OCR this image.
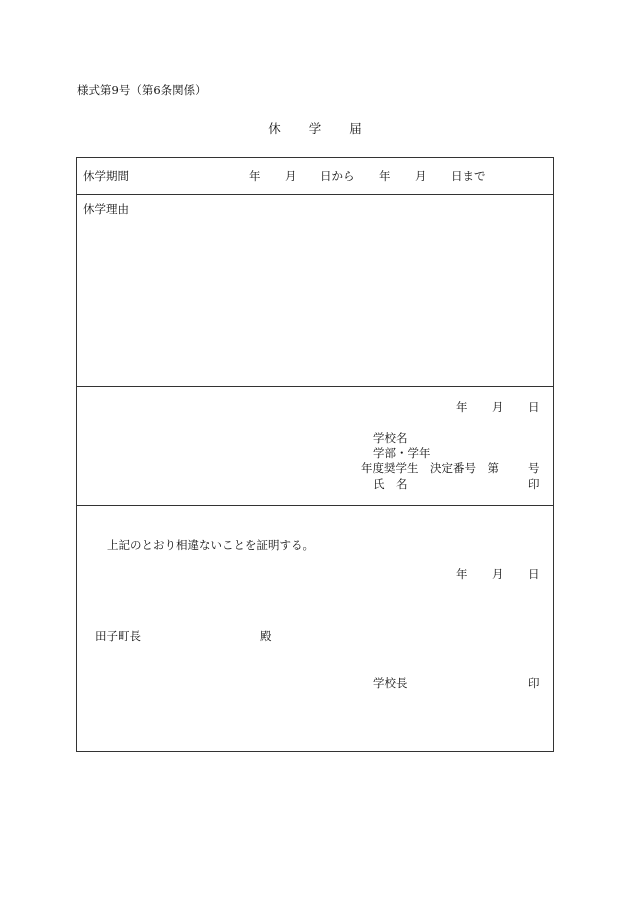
様式第9号（第6条関係）
休 学 届
休学期間	年 月 日から 年 月 日まで
休学理由
年 月 日
学校名
学部・学年
年度奨学生　決定番号　第	号
氏　名	印
上記のとおり相違ないことを証明する。
年 月 日
田子町長	殿
学校長	印
